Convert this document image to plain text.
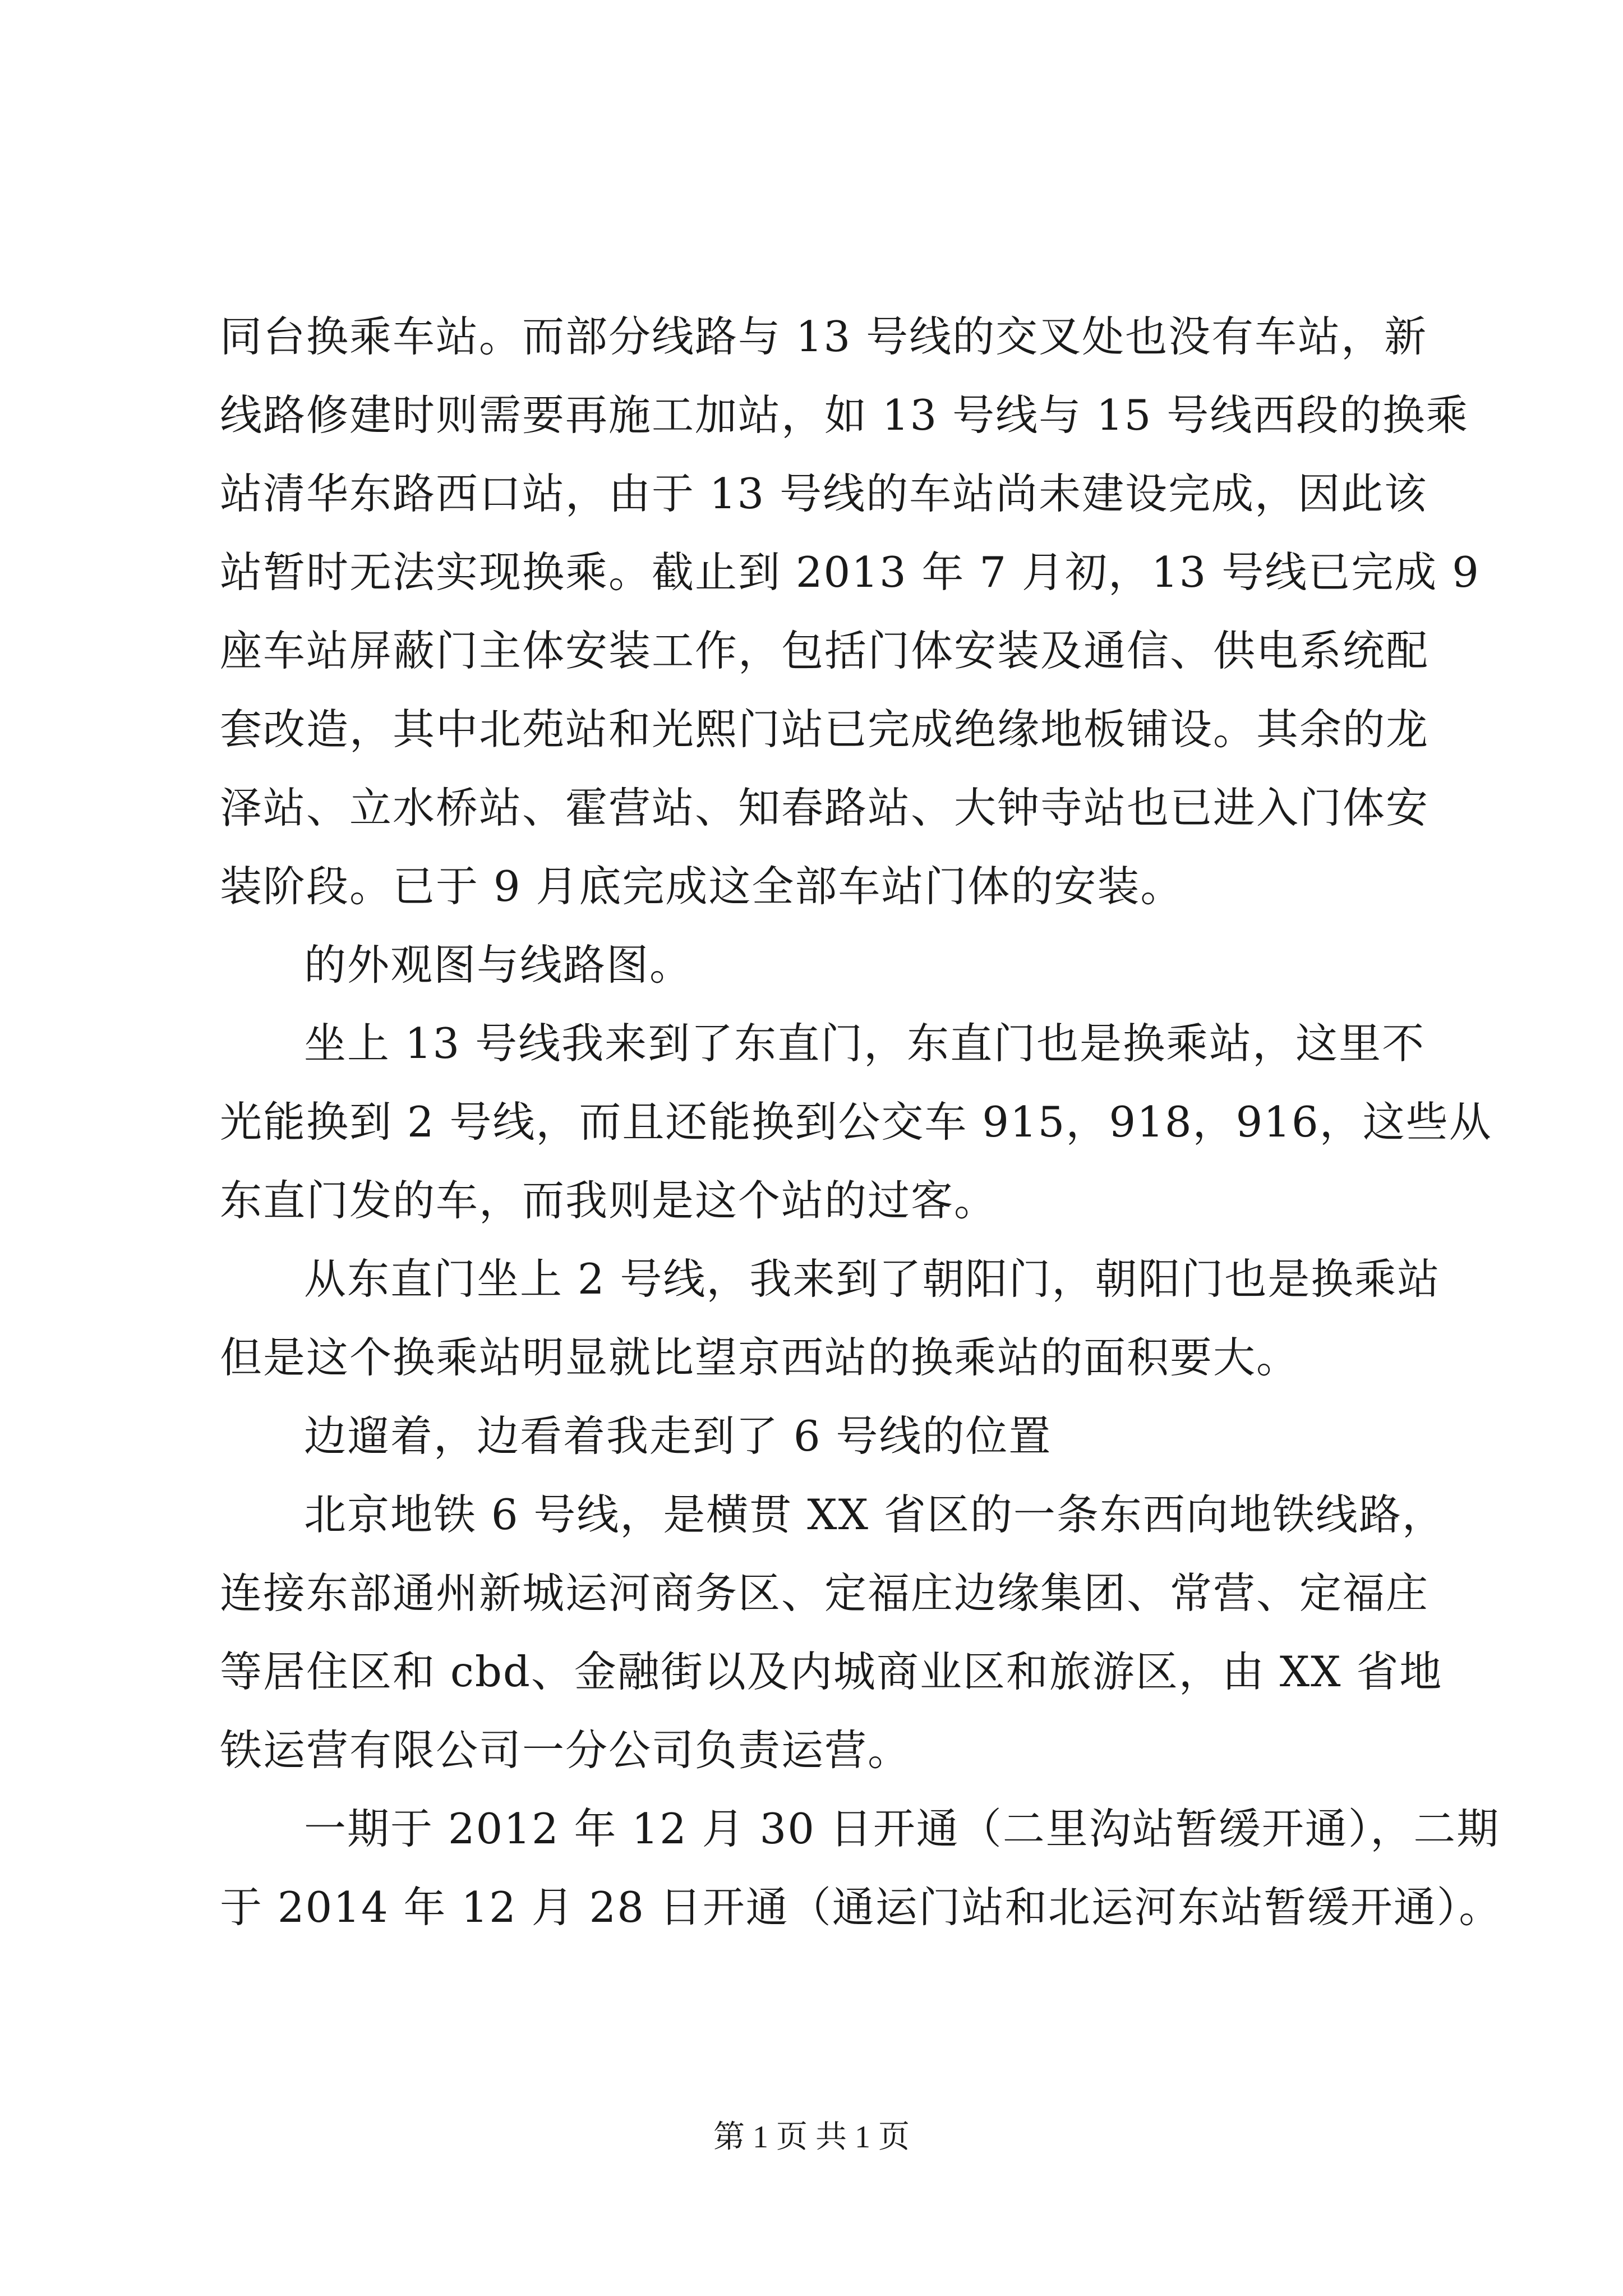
同台换乘车站。而部分线路与 13 号线的交叉处也没有车站，新
线路修建时则需要再施工加站，如 13 号线与 15 号线西段的换乘
站清华东路西口站，由于 13 号线的车站尚未建设完成，因此该
站暂时无法实现换乘。截止到 2013 年 7 月初，13 号线已完成 9
座车站屏蔽门主体安装工作，包括门体安装及通信、供电系统配
套改造，其中北苑站和光熙门站已完成绝缘地板铺设。其余的龙
泽站、立水桥站、霍营站、知春路站、大钟寺站也已进入门体安
装阶段。已于 9 月底完成这全部车站门体的安装。
的外观图与线路图。
坐上 13 号线我来到了东直门，东直门也是换乘站，这里不
光能换到 2 号线，而且还能换到公交车 915，918，916，这些从
东直门发的车，而我则是这个站的过客。
从东直门坐上 2 号线，我来到了朝阳门，朝阳门也是换乘站
但是这个换乘站明显就比望京西站的换乘站的面积要大。
边遛着，边看着我走到了 6 号线的位置
北京地铁 6 号线，是横贯 XX 省区的一条东西向地铁线路，
连接东部通州新城运河商务区、定福庄边缘集团、常营、定福庄
等居住区和 cbd、金融街以及内城商业区和旅游区，由 XX 省地
铁运营有限公司一分公司负责运营。
一期于 2012 年 12 月 30 日开通（二里沟站暂缓开通），二期
于 2014 年 12 月 28 日开通（通运门站和北运河东站暂缓开通）。
第 1 页 共 1 页
